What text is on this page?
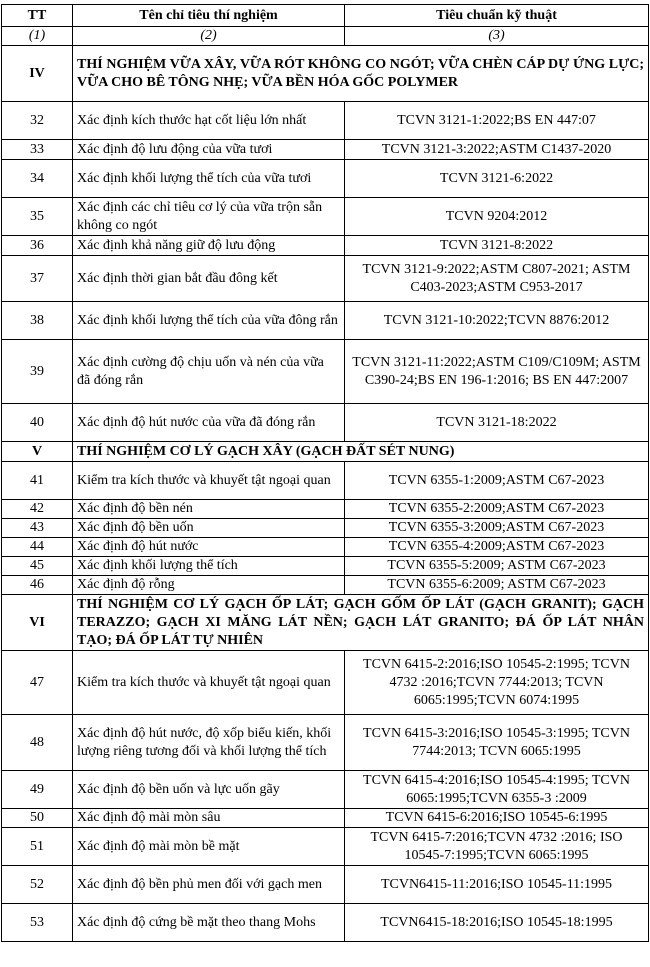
TT	Tên chỉ tiêu thí nghiệm	Tiêu chuẩn kỹ thuật
(1)	(2)	(3)
IV	THÍ NGHIỆM VỮA XÂY, VỮA RÓT KHÔNG CO NGÓT; VỮA CHÈN CÁP DỰ ỨNG LỰC; VỮA CHO BÊ TÔNG NHẸ; VỮA BỀN HÓA GỐC POLYMER	
32	Xác định kích thước hạt cốt liệu lớn nhất	TCVN 3121-1:2022;BS EN 447:07
33	Xác định độ lưu động của vữa tươi	TCVN 3121-3:2022;ASTM C1437-2020
34	Xác định khối lượng thể tích của vữa tươi	TCVN 3121-6:2022
35	Xác định các chỉ tiêu cơ lý của vữa trộn sẵn không co ngót	TCVN 9204:2012
36	Xác định khả năng giữ độ lưu động	TCVN 3121-8:2022
37	Xác định thời gian bắt đầu đông kết	TCVN 3121-9:2022;ASTM C807-2021; ASTM C403-2023;ASTM C953-2017
38	Xác định khối lượng thể tích của vữa đông rắn	TCVN 3121-10:2022;TCVN 8876:2012
39	Xác định cường độ chịu uốn và nén của vữa đã đóng rắn	TCVN 3121-11:2022;ASTM C109/C109M; ASTM C390-24;BS EN 196-1:2016; BS EN 447:2007
40	Xác định độ hút nước của vữa đã đóng rắn	TCVN 3121-18:2022
V	THÍ NGHIỆM CƠ LÝ GẠCH XÂY (GẠCH ĐẤT SÉT NUNG)	
41	Kiểm tra kích thước và khuyết tật ngoại quan	TCVN 6355-1:2009;ASTM C67-2023
42	Xác định độ bền nén	TCVN 6355-2:2009;ASTM C67-2023
43	Xác định độ bền uốn	TCVN 6355-3:2009;ASTM C67-2023
44	Xác định độ hút nước	TCVN 6355-4:2009;ASTM C67-2023
45	Xác định khối lượng thể tích	TCVN 6355-5:2009; ASTM C67-2023
46	Xác định độ rỗng	TCVN 6355-6:2009; ASTM C67-2023
VI	THÍ NGHIỆM CƠ LÝ GẠCH ỐP LÁT; GẠCH GỐM ỐP LÁT (GẠCH GRANIT); GẠCH TERAZZO; GẠCH XI MĂNG LÁT NỀN; GẠCH LÁT GRANITO; ĐÁ ỐP LÁT NHÂN TẠO; ĐÁ ỐP LÁT TỰ NHIÊN	
47	Kiểm tra kích thước và khuyết tật ngoại quan	TCVN 6415-2:2016;ISO 10545-2:1995; TCVN 4732 :2016;TCVN 7744:2013; TCVN 6065:1995;TCVN 6074:1995
48	Xác định độ hút nước, độ xốp biểu kiến, khối lượng riêng tương đối và khối lượng thể tích	TCVN 6415-3:2016;ISO 10545-3:1995; TCVN 7744:2013; TCVN 6065:1995
49	Xác định độ bền uốn và lực uốn gãy	TCVN 6415-4:2016;ISO 10545-4:1995; TCVN 6065:1995;TCVN 6355-3 :2009
50	Xác định độ mài mòn sâu	TCVN 6415-6:2016;ISO 10545-6:1995
51	Xác định độ mài mòn bề mặt	TCVN 6415-7:2016;TCVN 4732 :2016; ISO 10545-7:1995;TCVN 6065:1995
52	Xác định độ bền phủ men đối với gạch men	TCVN6415-11:2016;ISO 10545-11:1995
53	Xác định độ cứng bề mặt theo thang Mohs	TCVN6415-18:2016;ISO 10545-18:1995
